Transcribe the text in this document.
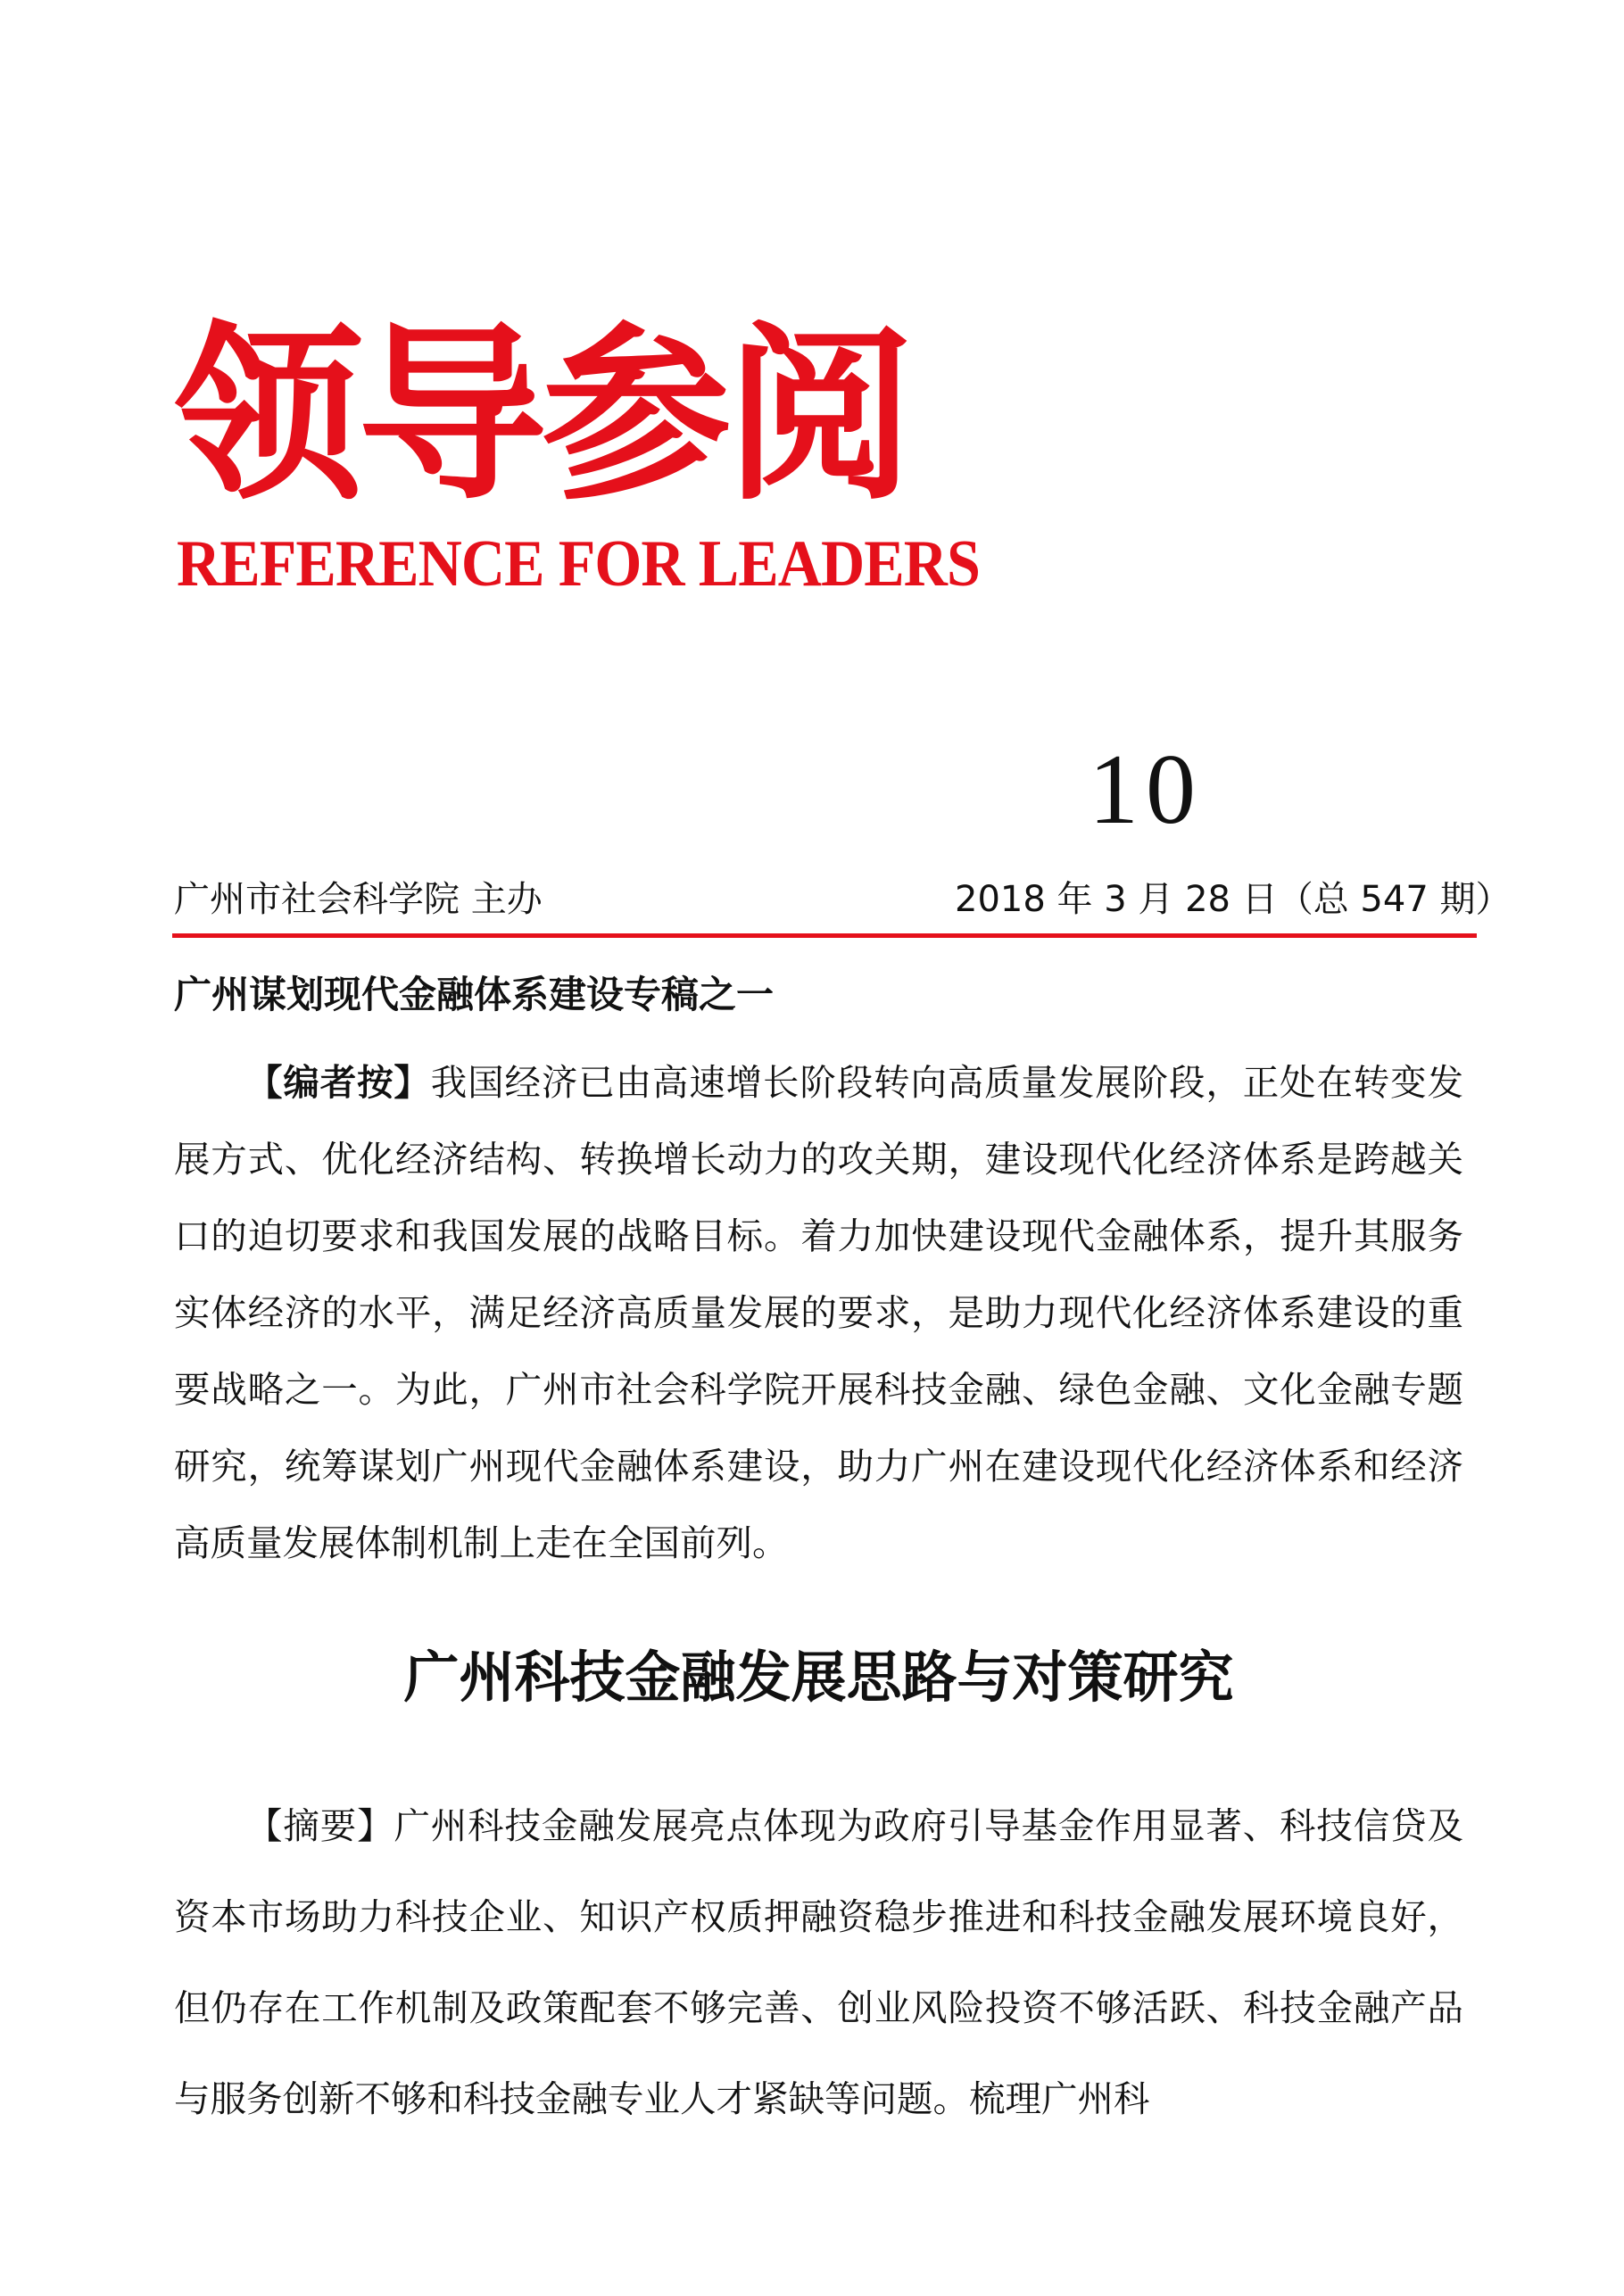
领导参阅
REFERENCE FOR LEADERS
10
广州市社会科学院 主办	2018 年 3 月 28 日（总 547 期）
广州谋划现代金融体系建设专稿之一

【编者按】我国经济已由高速增长阶段转向高质量发展阶段，正处在转变发展方式、优化经济结构、转换增长动力的攻关期，建设现代化经济体系是跨越关口的迫切要求和我国发展的战略目标。着力加快建设现代金融体系，提升其服务实体经济的水平，满足经济高质量发展的要求，是助力现代化经济体系建设的重要战略之一。为此，广州市社会科学院开展科技金融、绿色金融、文化金融专题研究，统筹谋划广州现代金融体系建设，助力广州在建设现代化经济体系和经济高质量发展体制机制上走在全国前列。

广州科技金融发展思路与对策研究

【摘要】广州科技金融发展亮点体现为政府引导基金作用显著、科技信贷及资本市场助力科技企业、知识产权质押融资稳步推进和科技金融发展环境良好，但仍存在工作机制及政策配套不够完善、创业风险投资不够活跃、科技金融产品与服务创新不够和科技金融专业人才紧缺等问题。梳理广州科
